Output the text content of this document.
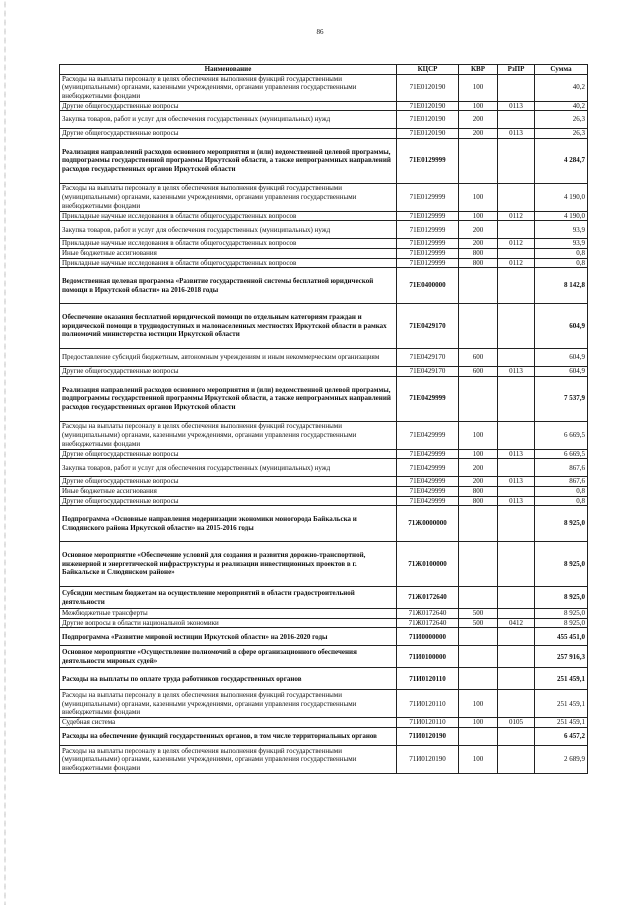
86
Наименование	КЦСР	КВР	РзПР	Сумма
Расходы на выплаты персоналу в целях обеспечения выполнения функций государственными (муниципальными) органами, казенными учреждениями, органами управления государственными внебюджетными фондами	71Е0120190	100		40,2
Другие общегосударственные вопросы	71Е0120190	100	0113	40,2
Закупка товаров, работ и услуг для обеспечения государственных (муниципальных) нужд	71Е0120190	200		26,3
Другие общегосударственные вопросы	71Е0120190	200	0113	26,3
Реализация направлений расходов основного мероприятия и (или) ведомственной целевой программы, подпрограммы государственной программы Иркутской области, а также непрограммных направлений расходов государственных органов Иркутской области	71Е0129999			4 284,7
Расходы на выплаты персоналу в целях обеспечения выполнения функций государственными (муниципальными) органами, казенными учреждениями, органами управления государственными внебюджетными фондами	71Е0129999	100		4 190,0
Прикладные научные исследования в области общегосударственных вопросов	71Е0129999	100	0112	4 190,0
Закупка товаров, работ и услуг для обеспечения государственных (муниципальных) нужд	71Е0129999	200		93,9
Прикладные научные исследования в области общегосударственных вопросов	71Е0129999	200	0112	93,9
Иные бюджетные ассигнования	71Е0129999	800		0,8
Прикладные научные исследования в области общегосударственных вопросов	71Е0129999	800	0112	0,8
Ведомственная целевая программа «Развитие государственной системы бесплатной юридической помощи в Иркутской области» на 2016-2018 годы	71Е0400000			8 142,8
Обеспечение оказания бесплатной юридической помощи по отдельным категориям граждан и юридической помощи в труднодоступных и малонаселенных местностях Иркутской области в рамках полномочий министерства юстиции Иркутской области	71Е0429170			604,9
Предоставление субсидий бюджетным, автономным учреждениям и иным некоммерческим организациям	71Е0429170	600		604,9
Другие общегосударственные вопросы	71Е0429170	600	0113	604,9
Реализация направлений расходов основного мероприятия и (или) ведомственной целевой программы, подпрограммы государственной программы Иркутской области, а также непрограммных направлений расходов государственных органов Иркутской области	71Е0429999			7 537,9
Расходы на выплаты персоналу в целях обеспечения выполнения функций государственными (муниципальными) органами, казенными учреждениями, органами управления государственными внебюджетными фондами	71Е0429999	100		6 669,5
Другие общегосударственные вопросы	71Е0429999	100	0113	6 669,5
Закупка товаров, работ и услуг для обеспечения государственных (муниципальных) нужд	71Е0429999	200		867,6
Другие общегосударственные вопросы	71Е0429999	200	0113	867,6
Иные бюджетные ассигнования	71Е0429999	800		0,8
Другие общегосударственные вопросы	71Е0429999	800	0113	0,8
Подпрограмма «Основные направления модернизации экономики моногорода Байкальска и Слюдянского района Иркутской области» на 2015-2016 годы	71Ж0000000			8 925,0
Основное мероприятие «Обеспечение условий для создания и развития дорожно-транспортной, инженерной и энергетической инфраструктуры и реализации инвестиционных проектов в г. Байкальске и Слюдянском районе»	71Ж0100000			8 925,0
Субсидии местным бюджетам на осуществление мероприятий в области градостроительной деятельности	71Ж0172640			8 925,0
Межбюджетные трансферты	71Ж0172640	500		8 925,0
Другие вопросы в области национальной экономики	71Ж0172640	500	0412	8 925,0
Подпрограмма «Развитие мировой юстиции Иркутской области» на 2016-2020 годы	71И0000000			455 451,0
Основное мероприятие «Осуществление полномочий в сфере организационного обеспечения деятельности мировых судей»	71И0100000			257 916,3
Расходы на выплаты по оплате труда работников государственных органов	71И0120110			251 459,1
Расходы на выплаты персоналу в целях обеспечения выполнения функций государственными (муниципальными) органами, казенными учреждениями, органами управления государственными внебюджетными фондами	71И0120110	100		251 459,1
Судебная система	71И0120110	100	0105	251 459,1
Расходы на обеспечение функций государственных органов, в том числе территориальных органов	71И0120190			6 457,2
Расходы на выплаты персоналу в целях обеспечения выполнения функций государственными (муниципальными) органами, казенными учреждениями, органами управления государственными внебюджетными фондами	71И0120190	100		2 689,9
